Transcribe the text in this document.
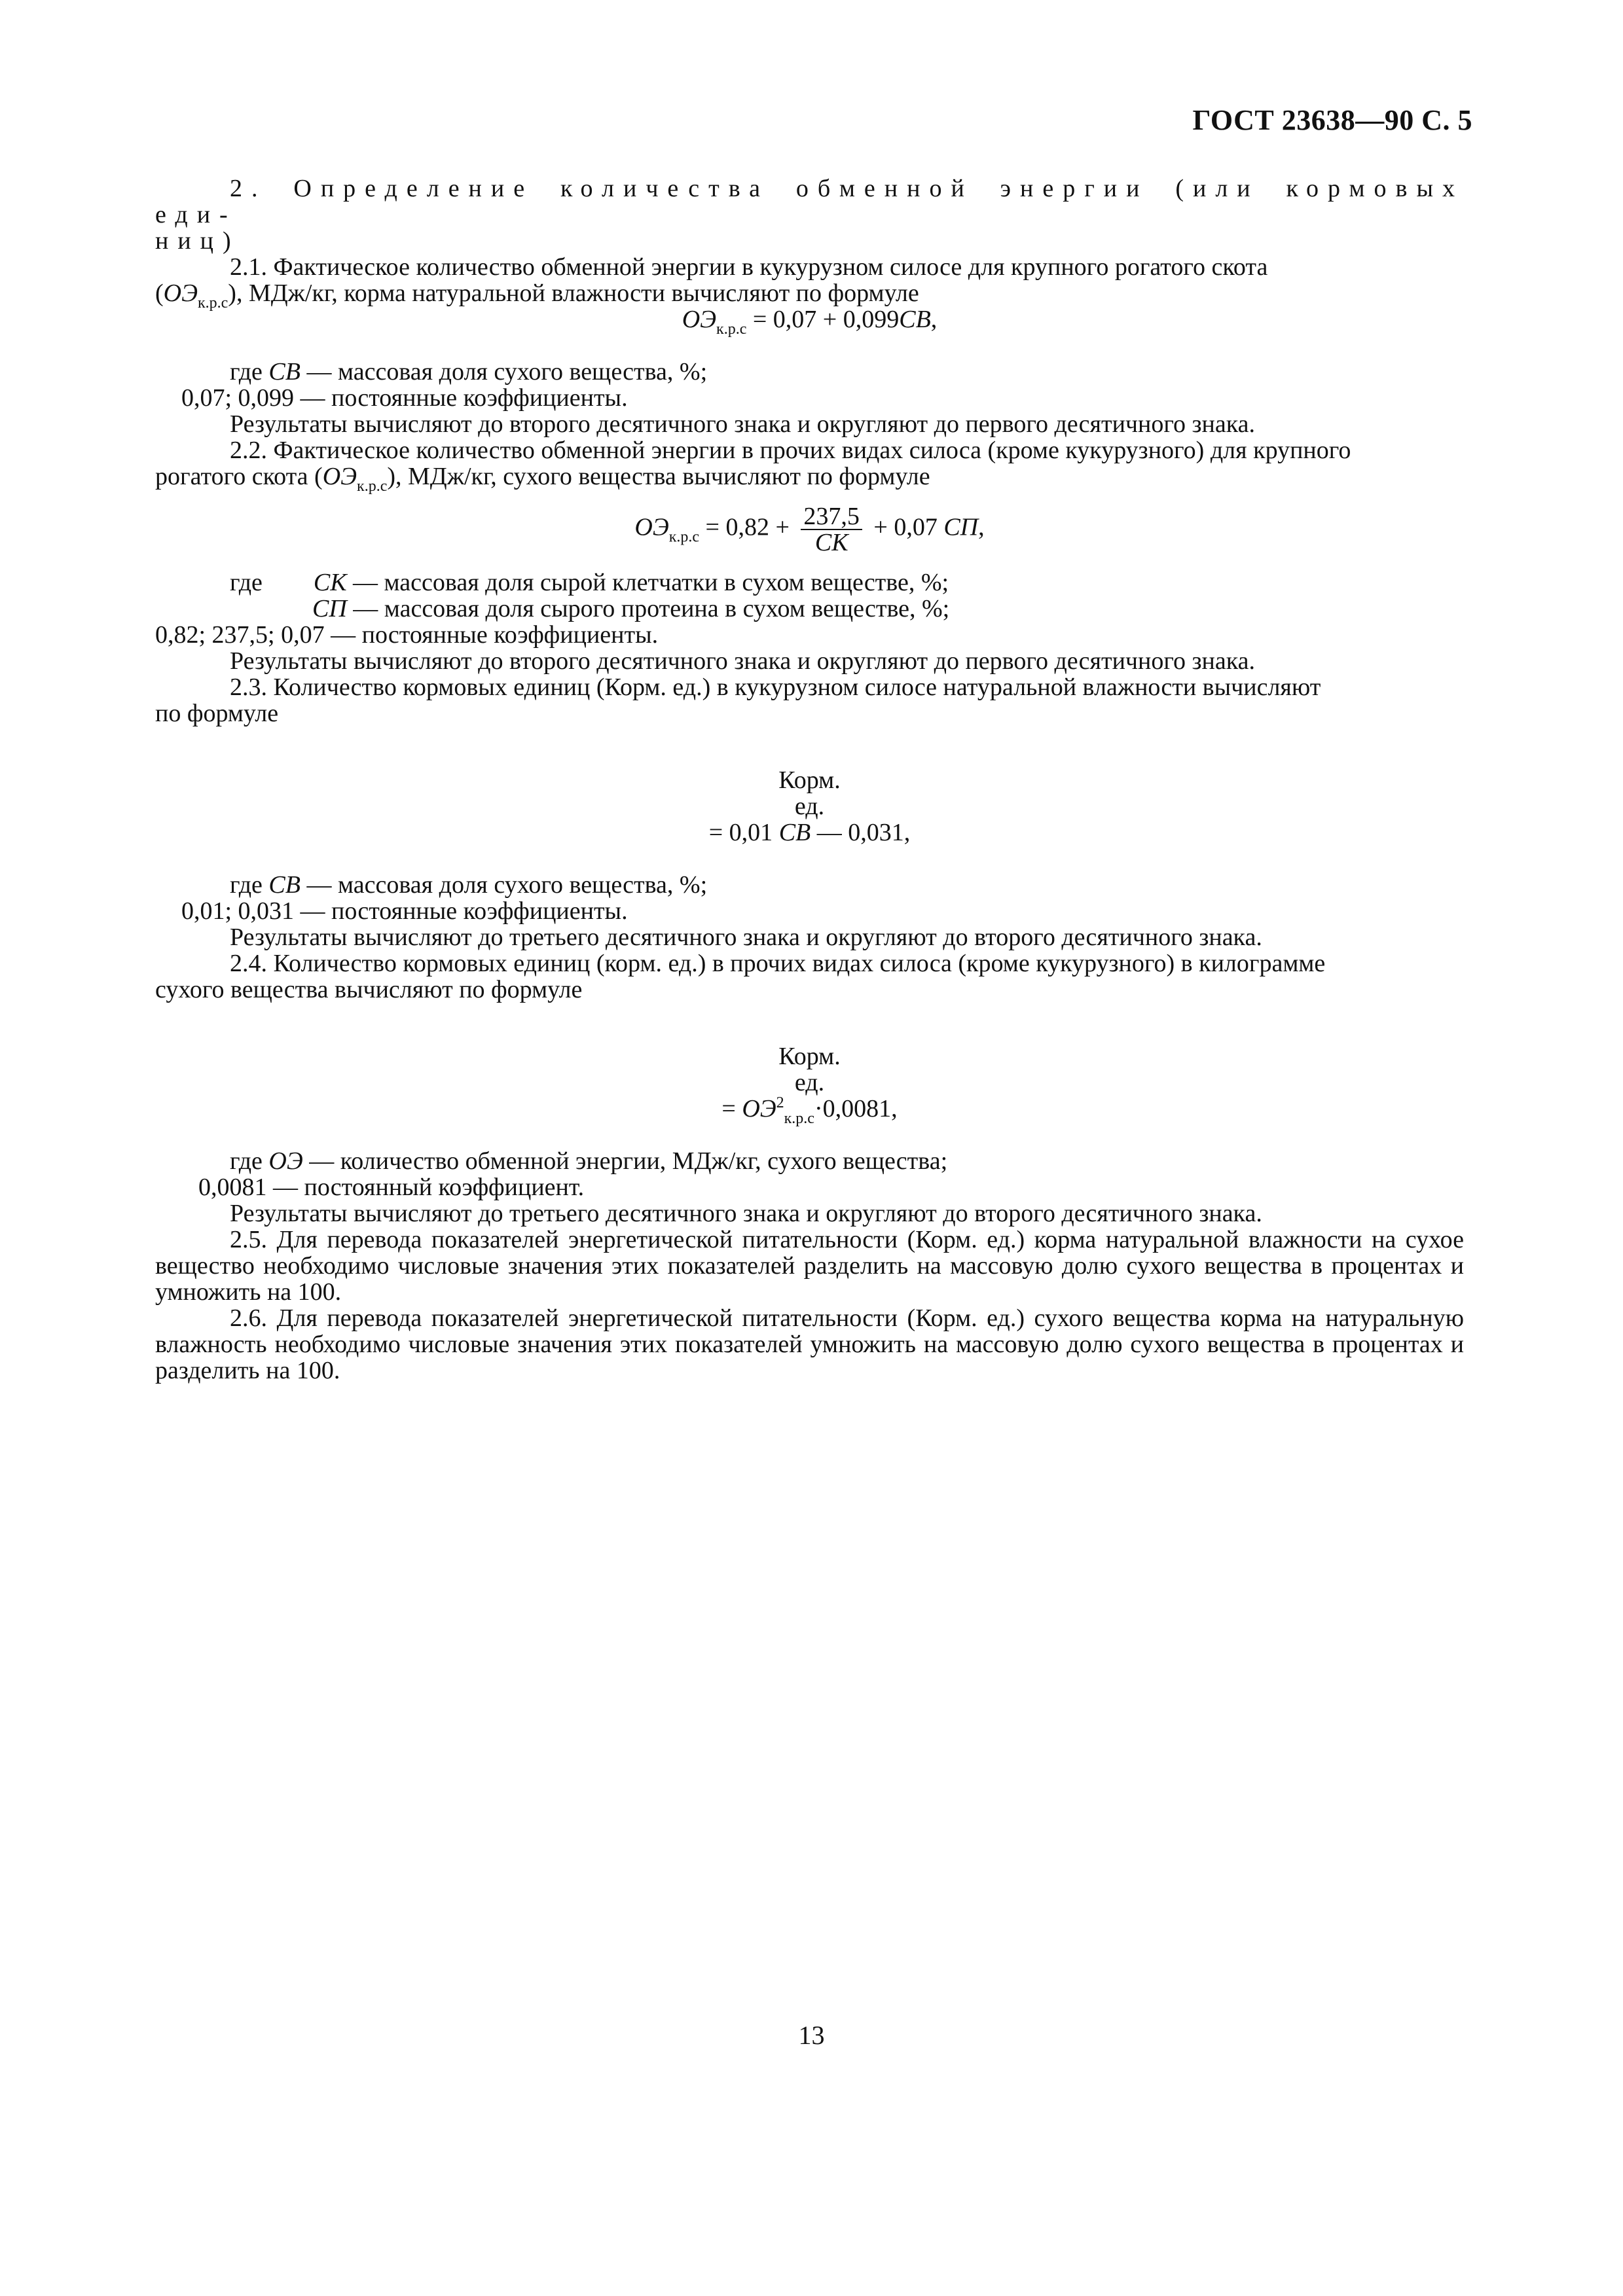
ГОСТ 23638—90 С. 5

2. Определение количества обменной энергии (или кормовых еди-

ниц)

2.1. Фактическое количество обменной энергии в кукурузном силосе для крупного рогатого скота

$(ОЭ_{к.р.с})$, МДж/кг, корма натуральной влажности вычисляют по формуле

$ОЭ_{к.р.с} = 0,07 + 0,099СВ$,

где СВ — массовая доля сухого вещества, %;

0,07; 0,099 — постоянные коэффициенты.

Результаты вычисляют до второго десятичного знака и округляют до первого десятичного знака.

2.2. Фактическое количество обменной энергии в прочих видах силоса (кроме кукурузного) для крупного

рогатого скота $(ОЭ_{к.р.с})$, МДж/кг, сухого вещества вычисляют по формуле

$ОЭ_{к.р.с} = 0,82 + \frac{237,5}{СК} + 0,07$ СП,

где СК — массовая доля сырой клетчатки в сухом веществе, %;

СП — массовая доля сырого протеина в сухом веществе, %;

0,82; 237,5; 0,07 — постоянные коэффициенты.

Результаты вычисляют до второго десятичного знака и округляют до первого десятичного знака.

2.3. Количество кормовых единиц (Корм. ед.) в кукурузном силосе натуральной влажности вычисляют

по формуле

Корм.
ед.
= 0,01 СВ — 0,031,

где СВ — массовая доля сухого вещества, %;

0,01; 0,031 — постоянные коэффициенты.

Результаты вычисляют до третьего десятичного знака и округляют до второго десятичного знака.

2.4. Количество кормовых единиц (корм. ед.) в прочих видах силоса (кроме кукурузного) в килограмме

сухого вещества вычисляют по формуле

Корм.
ед.
= $ОЭ^2_{к.р.с}\cdot 0,0081$,

где ОЭ — количество обменной энергии, МДж/кг, сухого вещества;

0,0081 — постоянный коэффициент.

Результаты вычисляют до третьего десятичного знака и округляют до второго десятичного знака.

2.5. Для перевода показателей энергетической питательности (Корм. ед.) корма натуральной влажности на сухое вещество необходимо числовые значения этих показателей разделить на массовую долю сухого вещества в процентах и умножить на 100.

2.6. Для перевода показателей энергетической питательности (Корм. ед.) сухого вещества корма на натуральную влажность необходимо числовые значения этих показателей умножить на массовую долю сухого вещества в процентах и разделить на 100.

13
